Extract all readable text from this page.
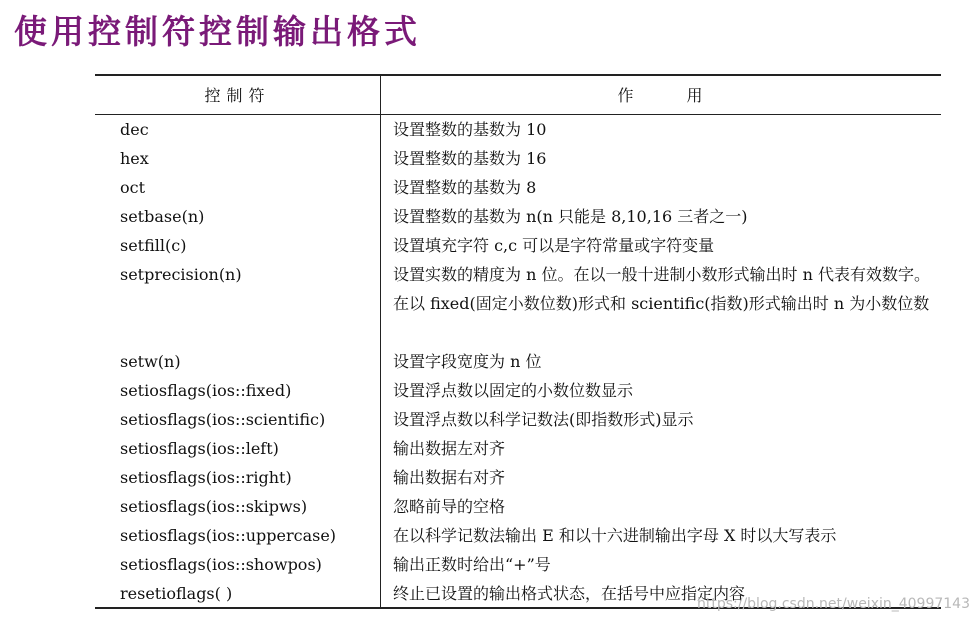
使用控制符控制输出格式
控制符	作 用
dec	设置整数的基数为 10
hex	设置整数的基数为 16
oct	设置整数的基数为 8
setbase(n)	设置整数的基数为 n(n 只能是 8,10,16 三者之一)
setfill(c)	设置填充字符 c,c 可以是字符常量或字符变量
setprecision(n)	设置实数的精度为 n 位。在以一般十进制小数形式输出时 n 代表有效数字。在以 fixed(固定小数位数)形式和 scientific(指数)形式输出时 n 为小数位数
setw(n)	设置字段宽度为 n 位
setiosflags(ios::fixed)	设置浮点数以固定的小数位数显示
setiosflags(ios::scientific)	设置浮点数以科学记数法(即指数形式)显示
setiosflags(ios::left)	输出数据左对齐
setiosflags(ios::right)	输出数据右对齐
setiosflags(ios::skipws)	忽略前导的空格
setiosflags(ios::uppercase)	在以科学记数法输出 E 和以十六进制输出字母 X 时以大写表示
setiosflags(ios::showpos)	输出正数时给出“+”号
resetioflags( )	终止已设置的输出格式状态，在括号中应指定内容
https://blog.csdn.net/weixin_40997143
